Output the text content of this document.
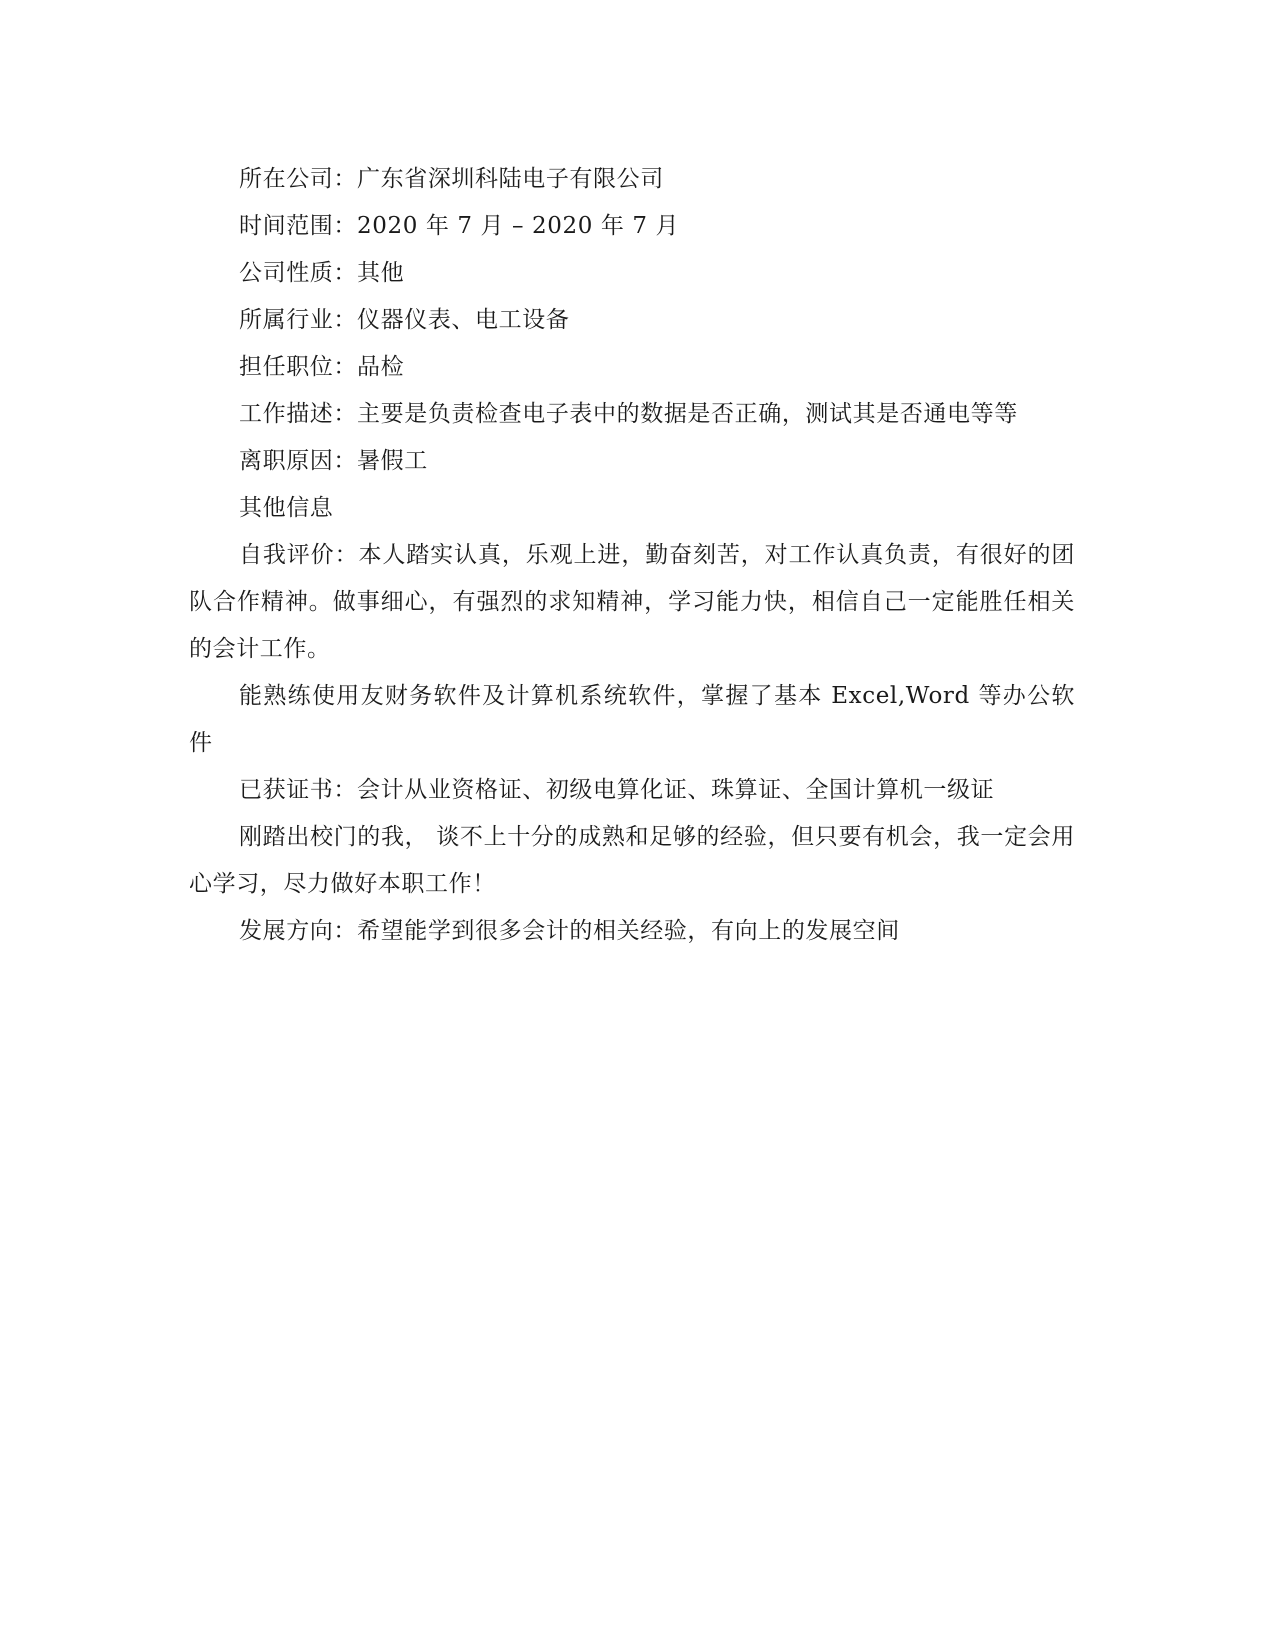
所在公司：广东省深圳科陆电子有限公司

时间范围：2020 年 7 月 – 2020 年 7 月

公司性质：其他

所属行业：仪器仪表、电工设备

担任职位：品检

工作描述：主要是负责检查电子表中的数据是否正确，测试其是否通电等等

离职原因：暑假工

其他信息

自我评价：本人踏实认真，乐观上进，勤奋刻苦，对工作认真负责，有很好的团队合作精神。做事细心，有强烈的求知精神，学习能力快，相信自己一定能胜任相关的会计工作。

能熟练使用友财务软件及计算机系统软件，掌握了基本 Excel,Word 等办公软件

已获证书：会计从业资格证、初级电算化证、珠算证、全国计算机一级证

刚踏出校门的我， 谈不上十分的成熟和足够的经验，但只要有机会，我一定会用心学习，尽力做好本职工作！

发展方向：希望能学到很多会计的相关经验，有向上的发展空间
